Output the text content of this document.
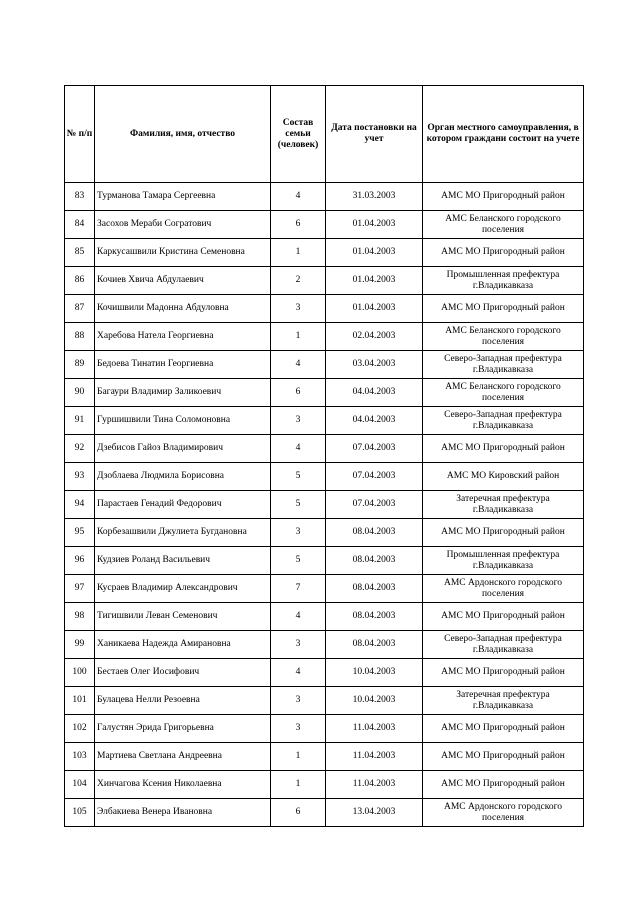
№ п/п	Фамилия, имя, отчество	Состав семьи (человек)	Дата постановки на учет	Орган местного самоуправления, в котором граждани состоит на учете
83	Турманова Тамара Сергеевна	4	31.03.2003	АМС МО Пригородный район
84	Засохов Мераби Согратович	6	01.04.2003	АМС Беланского городского поселения
85	Каркусашвили Кристина Семеновна	1	01.04.2003	АМС МО Пригородный район
86	Кочиев Хвича Абдулаевич	2	01.04.2003	Промышленная префектура г.Владикавказа
87	Кочишвили Мадонна Абдуловна	3	01.04.2003	АМС МО Пригородный район
88	Харебова Натела Георгиевна	1	02.04.2003	АМС Беланского городского поселения
89	Бедоева Тинатин Георгиевна	4	03.04.2003	Северо-Западная префектура г.Владикавказа
90	Багаури Владимир Заликоевич	6	04.04.2003	АМС Беланского городского поселения
91	Гуршишвили Тина Соломоновна	3	04.04.2003	Северо-Западная префектура г.Владикавказа
92	Дзебисов Гайоз Владимирович	4	07.04.2003	АМС МО Пригородный район
93	Дзоблаева Людмила Борисовна	5	07.04.2003	АМС МО Кировский район
94	Парастаев Генадий Федорович	5	07.04.2003	Затеречная префектура г.Владикавказа
95	Корбезашвили Джулиета Бугдановна	3	08.04.2003	АМС МО Пригородный район
96	Кудзиев Роланд Васильевич	5	08.04.2003	Промышленная префектура г.Владикавказа
97	Кусраев Владимир Александрович	7	08.04.2003	АМС Ардонского городского поселения
98	Тигишвили Леван Семенович	4	08.04.2003	АМС МО Пригородный район
99	Ханикаева Надежда Амирановна	3	08.04.2003	Северо-Западная префектура г.Владикавказа
100	Бестаев Олег Иосифович	4	10.04.2003	АМС МО Пригородный район
101	Булацева Нелли Резоевна	3	10.04.2003	Затеречная префектура г.Владикавказа
102	Галустян Эрида Григорьевна	3	11.04.2003	АМС МО Пригородный район
103	Мартиева Светлана Андреевна	1	11.04.2003	АМС МО Пригородный район
104	Хинчагова Ксения Николаевна	1	11.04.2003	АМС МО Пригородный район
105	Элбакиева Венера Ивановна	6	13.04.2003	АМС Ардонского городского поселения
